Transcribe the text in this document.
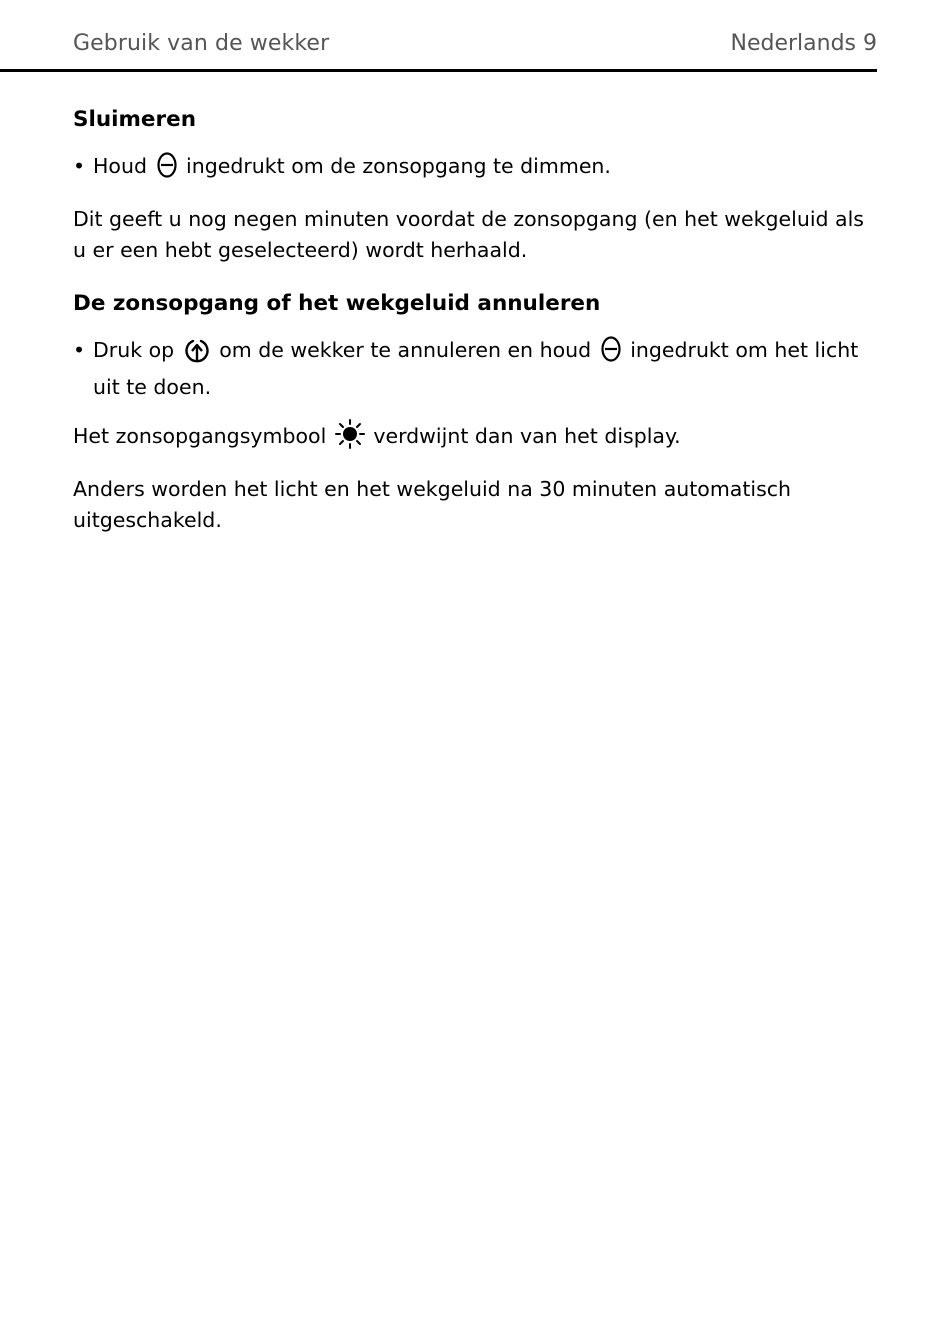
Gebruik van de wekker	Nederlands 9
Sluimeren
• Houd ingedrukt om de zonsopgang te dimmen.

Dit geeft u nog negen minuten voordat de zonsopgang (en het wekgeluid als u er een hebt geselecteerd) wordt herhaald.

De zonsopgang of het wekgeluid annuleren
• Druk op om de wekker te annuleren en houd ingedrukt om het licht uit te doen.

Het zonsopgangsymbool verdwijnt dan van het display.

Anders worden het licht en het wekgeluid na 30 minuten automatisch uitgeschakeld.
